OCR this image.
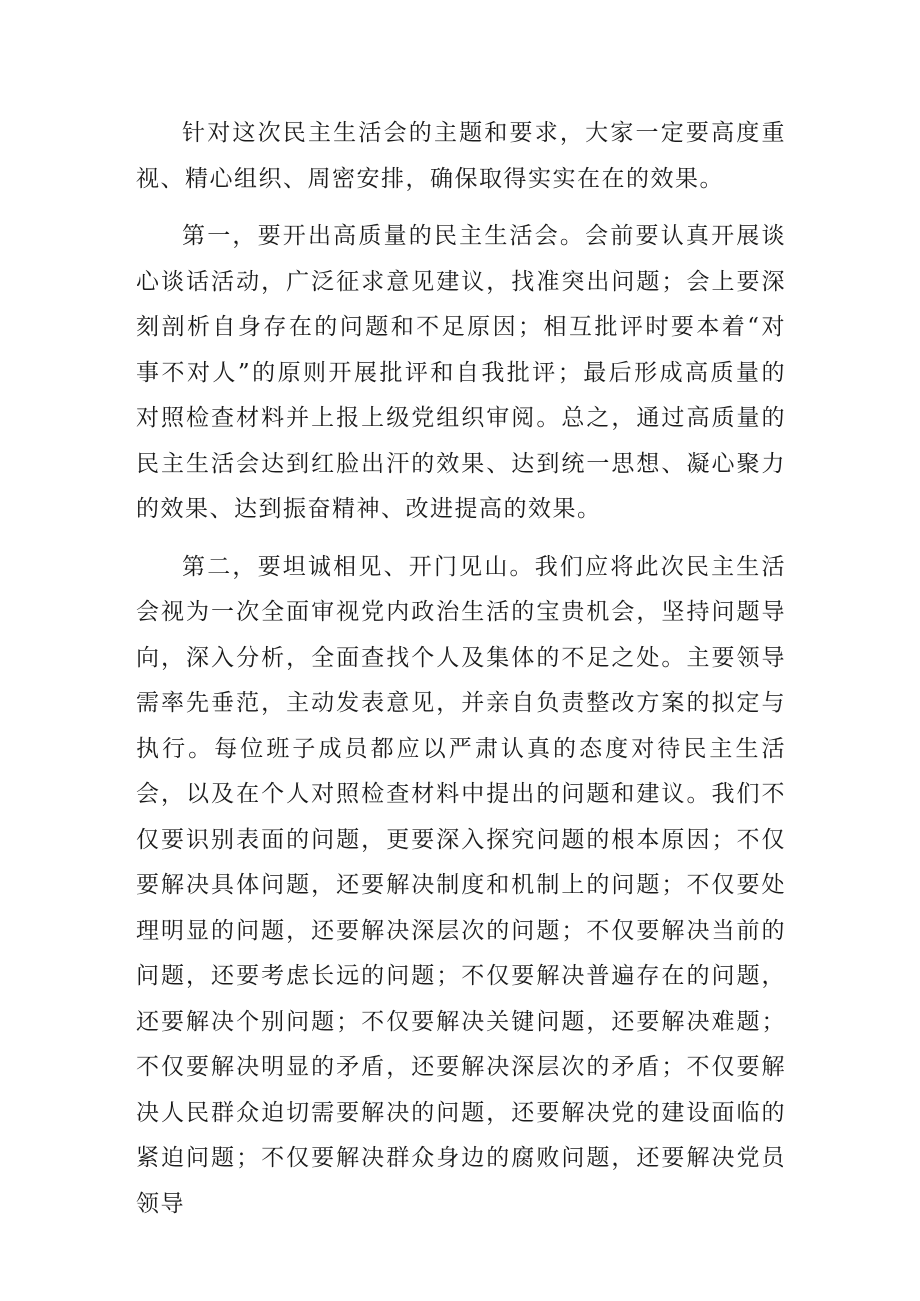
针对这次民主生活会的主题和要求，大家一定要高度重视、精心组织、周密安排，确保取得实实在在的效果。

第一，要开出高质量的民主生活会。会前要认真开展谈心谈话活动，广泛征求意见建议，找准突出问题；会上要深刻剖析自身存在的问题和不足原因；相互批评时要本着“对事不对人”的原则开展批评和自我批评；最后形成高质量的对照检查材料并上报上级党组织审阅。总之，通过高质量的民主生活会达到红脸出汗的效果、达到统一思想、凝心聚力的效果、达到振奋精神、改进提高的效果。

第二，要坦诚相见、开门见山。我们应将此次民主生活会视为一次全面审视党内政治生活的宝贵机会，坚持问题导向，深入分析，全面查找个人及集体的不足之处。主要领导需率先垂范，主动发表意见，并亲自负责整改方案的拟定与执行。每位班子成员都应以严肃认真的态度对待民主生活会，以及在个人对照检查材料中提出的问题和建议。我们不仅要识别表面的问题，更要深入探究问题的根本原因；不仅要解决具体问题，还要解决制度和机制上的问题；不仅要处理明显的问题，还要解决深层次的问题；不仅要解决当前的问题，还要考虑长远的问题；不仅要解决普遍存在的问题，还要解决个别问题；不仅要解决关键问题，还要解决难题；不仅要解决明显的矛盾，还要解决深层次的矛盾；不仅要解决人民群众迫切需要解决的问题，还要解决党的建设面临的紧迫问题；不仅要解决群众身边的腐败问题，还要解决党员领导
